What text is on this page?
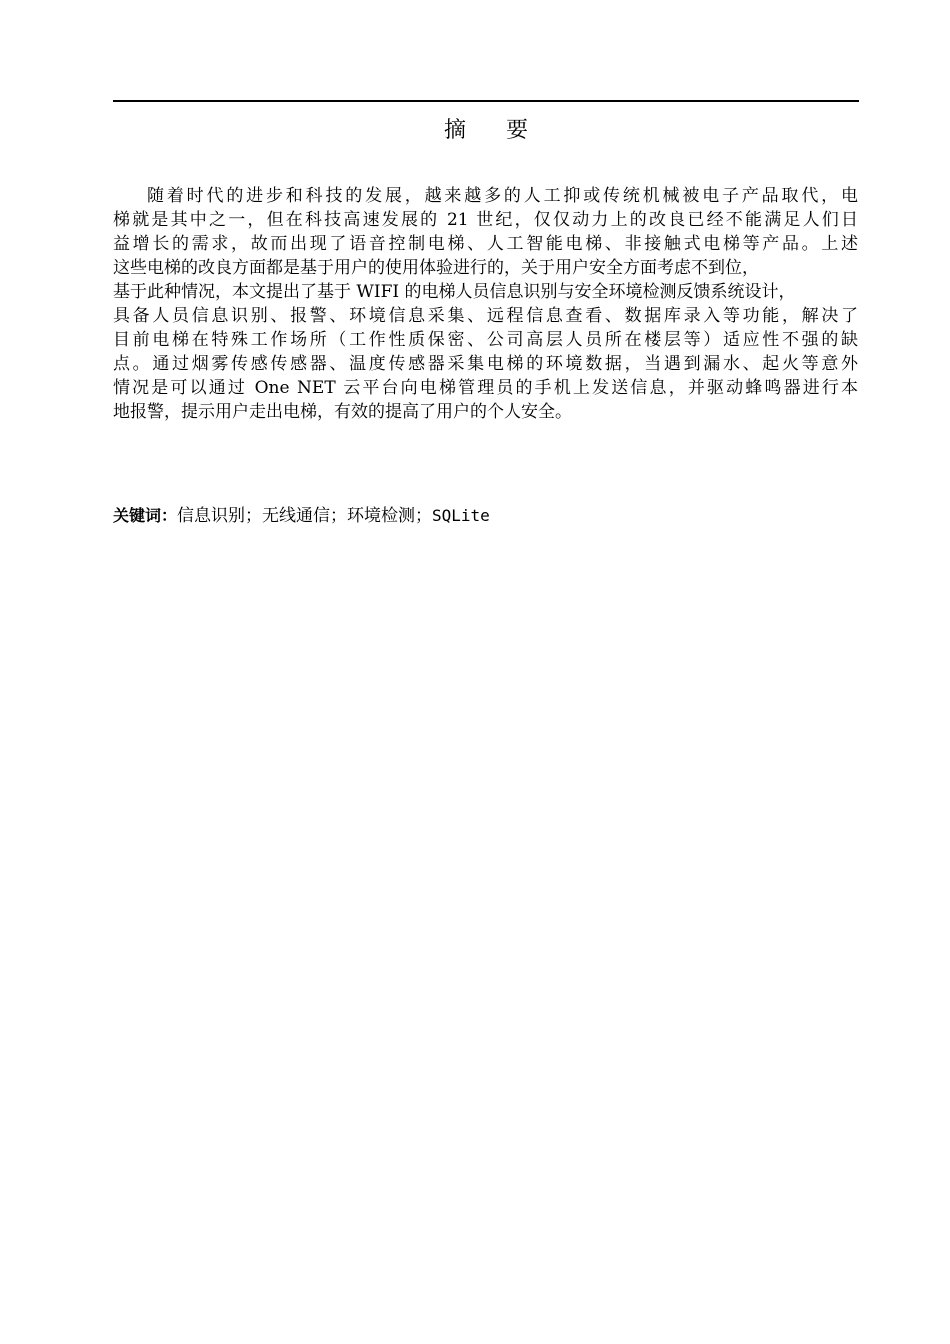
摘 要
随着时代的进步和科技的发展，越来越多的人工抑或传统机械被电子产品取代，电
梯就是其中之一，但在科技高速发展的 21 世纪，仅仅动力上的改良已经不能满足人们日
益增长的需求，故而出现了语音控制电梯、人工智能电梯、非接触式电梯等产品。上述
这些电梯的改良方面都是基于用户的使用体验进行的，关于用户安全方面考虑不到位，
基于此种情况，本文提出了基于 WIFI 的电梯人员信息识别与安全环境检测反馈系统设计，
具备人员信息识别、报警、环境信息采集、远程信息查看、数据库录入等功能，解决了
目前电梯在特殊工作场所（工作性质保密、公司高层人员所在楼层等）适应性不强的缺
点。通过烟雾传感传感器、温度传感器采集电梯的环境数据，当遇到漏水、起火等意外
情况是可以通过 One NET 云平台向电梯管理员的手机上发送信息，并驱动蜂鸣器进行本
地报警，提示用户走出电梯，有效的提高了用户的个人安全。
关键词：信息识别；无线通信；环境检测；SQLite
